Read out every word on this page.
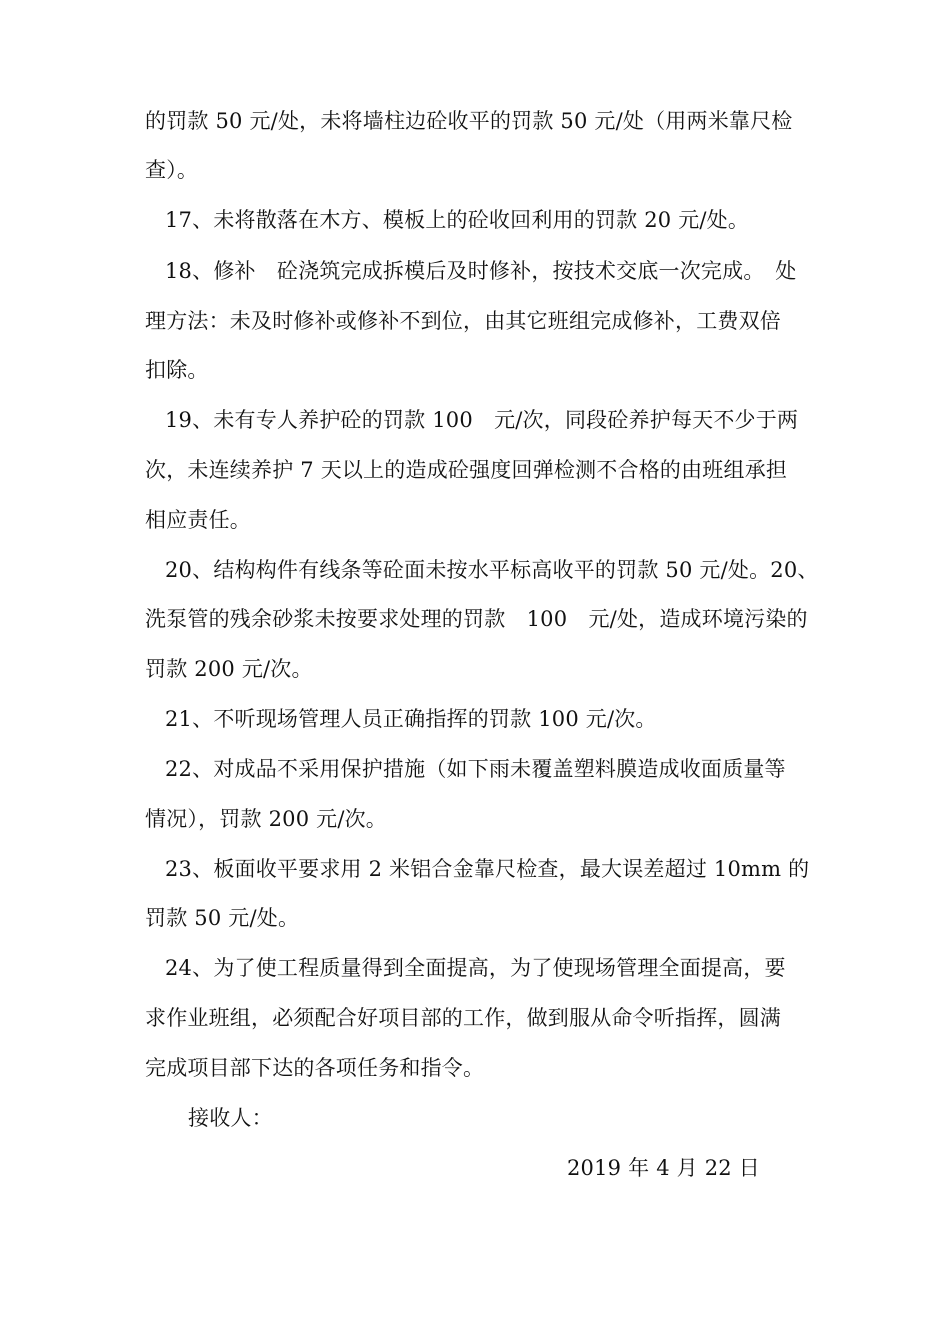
的罚款 50 元/处，未将墙柱边砼收平的罚款 50 元/处（用两米靠尺检
查）。
17、未将散落在木方、模板上的砼收回利用的罚款 20 元/处。
18、修补　砼浇筑完成拆模后及时修补，按技术交底一次完成。　处
理方法：未及时修补或修补不到位，由其它班组完成修补，工费双倍
扣除。
19、未有专人养护砼的罚款 100　元/次，同段砼养护每天不少于两
次，未连续养护 7 天以上的造成砼强度回弹检测不合格的由班组承担
相应责任。
20、结构构件有线条等砼面未按水平标高收平的罚款 50 元/处。20、
洗泵管的残余砂浆未按要求处理的罚款　100　元/处，造成环境污染的
罚款 200 元/次。
21、不听现场管理人员正确指挥的罚款 100 元/次。
22、对成品不采用保护措施（如下雨未覆盖塑料膜造成收面质量等
情况），罚款 200 元/次。
23、板面收平要求用 2 米铝合金靠尺检查，最大误差超过 10mm 的
罚款 50 元/处。
24、为了使工程质量得到全面提高，为了使现场管理全面提高，要
求作业班组，必须配合好项目部的工作，做到服从命令听指挥，圆满
完成项目部下达的各项任务和指令。
接收人：
2019 年 4 月 22 日
